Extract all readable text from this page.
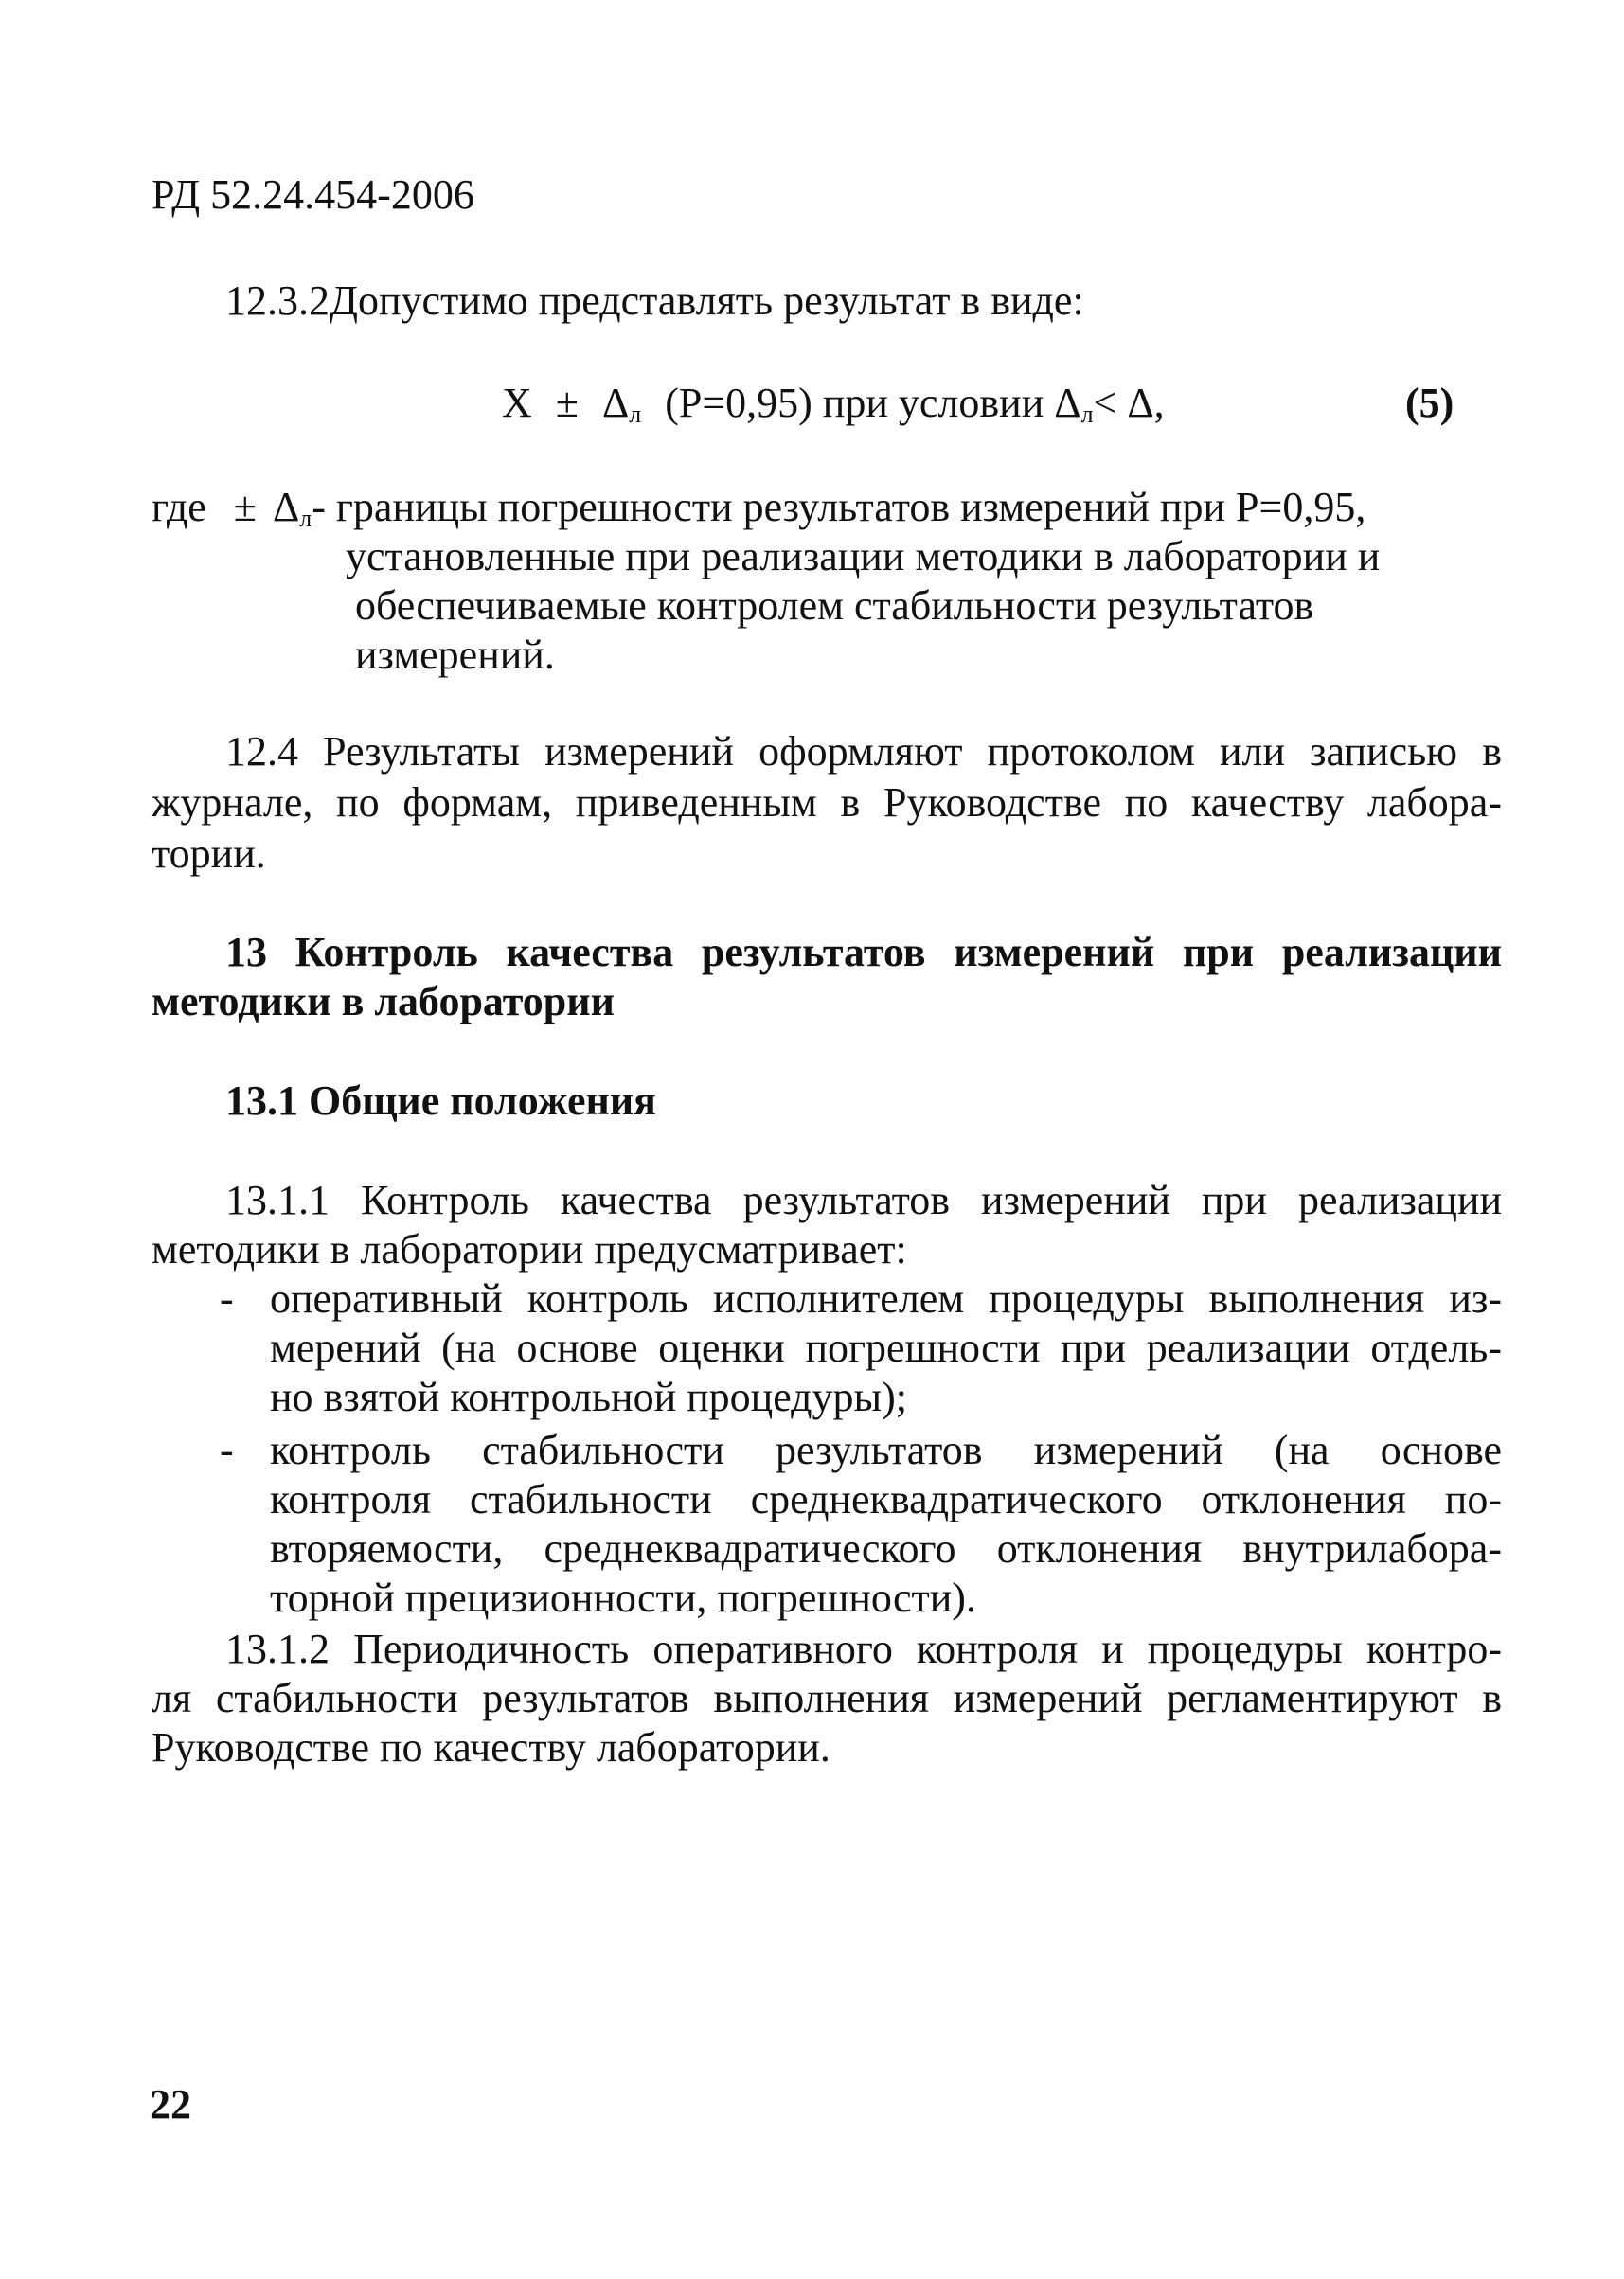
РД 52.24.454-2006
12.3.2Допустимо представлять результат в виде:
$X \pm \Delta_л$ (P=0,95) при условии $\Delta_л< \Delta$,	(5)
где ± $\Delta_л-$ границы погрешности результатов измерений при P=0,95,
установленные при реализации методики в лаборатории и
обеспечиваемые контролем стабильности результатов
измерений.
12.4 Результаты измерений оформляют протоколом или записью в
журнале, по формам, приведенным в Руководстве по качеству лабора-
тории.
13 Контроль качества результатов измерений при реализации
методики в лаборатории
13.1 Общие положения
13.1.1 Контроль качества результатов измерений при реализации
методики в лаборатории предусматривает:
- оперативный контроль исполнителем процедуры выполнения из-
мерений (на основе оценки погрешности при реализации отдель-
но взятой контрольной процедуры);
- контроль стабильности результатов измерений (на основе
контроля стабильности среднеквадратического отклонения по-
вторяемости, среднеквадратического отклонения внутрилабора-
торной прецизионности, погрешности).
13.1.2 Периодичность оперативного контроля и процедуры контро-
ля стабильности результатов выполнения измерений регламентируют в
Руководстве по качеству лаборатории.
22
